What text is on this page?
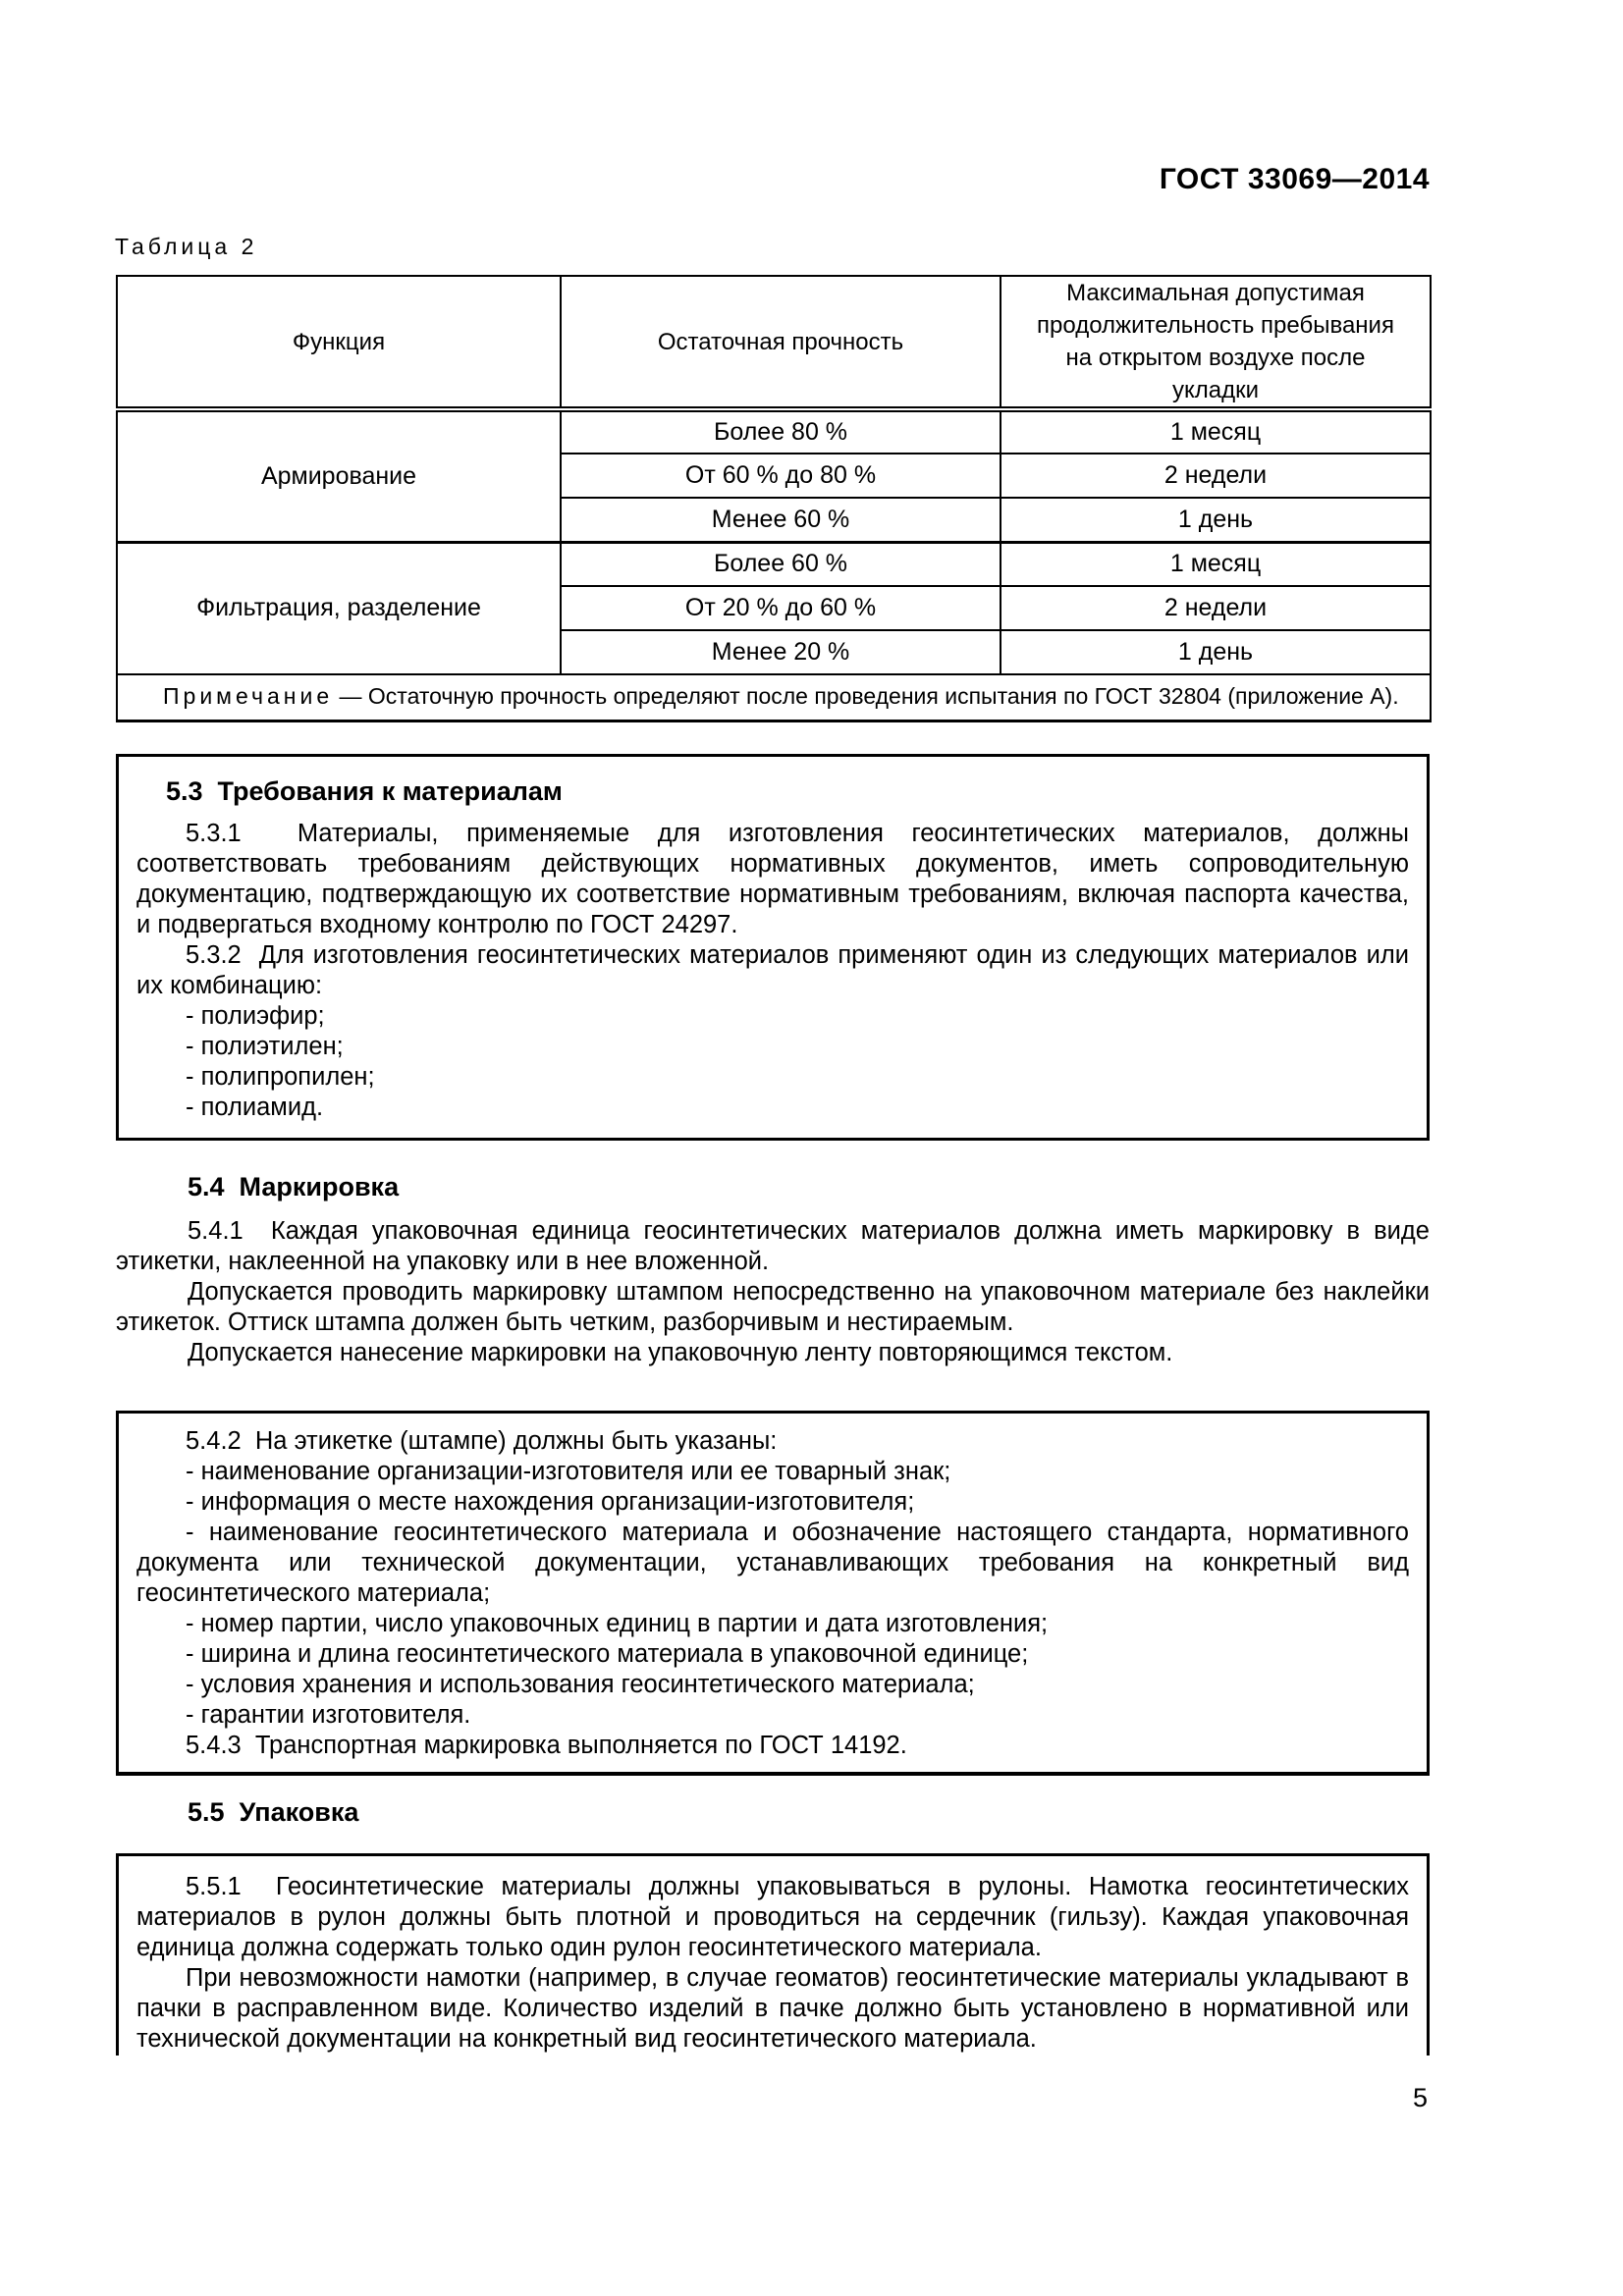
ГОСТ 33069—2014
Таблица 2
Функция	Остаточная прочность	Максимальная допустимая продолжительность пребывания на открытом воздухе после укладки
Армирование	Более 80 %	1 месяц
	От 60 % до 80 %	2 недели
	Менее 60 %	1 день
Фильтрация, разделение	Более 60 %	1 месяц
	От 20 % до 60 %	2 недели
	Менее 20 %	1 день
Примечание — Остаточную прочность определяют после проведения испытания по ГОСТ 32804 (приложение А).		

5.3  Требования к материалам

5.3.1  Материалы, применяемые для изготовления геосинтетических материалов, должны соответствовать требованиям действующих нормативных документов, иметь сопроводительную документацию, подтверждающую их соответствие нормативным требованиям, включая паспорта качества, и подвергаться входному контролю по ГОСТ 24297.

5.3.2  Для изготовления геосинтетических материалов применяют один из следующих материалов или их комбинацию:

- полиэфир;

- полиэтилен;

- полипропилен;

- полиамид.

5.4  Маркировка

5.4.1  Каждая упаковочная единица геосинтетических материалов должна иметь маркировку в виде этикетки, наклеенной на упаковку или в нее вложенной.

Допускается проводить маркировку штампом непосредственно на упаковочном материале без наклейки этикеток. Оттиск штампа должен быть четким, разборчивым и нестираемым.

Допускается нанесение маркировки на упаковочную ленту повторяющимся текстом.

5.4.2  На этикетке (штампе) должны быть указаны:

- наименование организации-изготовителя или ее товарный знак;

- информация о месте нахождения организации-изготовителя;

- наименование геосинтетического материала и обозначение настоящего стандарта, нормативного документа или технической документации, устанавливающих требования на конкретный вид геосинтетического материала;

- номер партии, число упаковочных единиц в партии и дата изготовления;

- ширина и длина геосинтетического материала в упаковочной единице;

- условия хранения и использования геосинтетического материала;

- гарантии изготовителя.

5.4.3  Транспортная маркировка выполняется по ГОСТ 14192.

5.5  Упаковка

5.5.1  Геосинтетические материалы должны упаковываться в рулоны. Намотка геосинтетических материалов в рулон должны быть плотной и проводиться на сердечник (гильзу). Каждая упаковочная единица должна содержать только один рулон геосинтетического материала.

При невозможности намотки (например, в случае геоматов) геосинтетические материалы укладывают в пачки в расправленном виде. Количество изделий в пачке должно быть установлено в нормативной или технической документации на конкретный вид геосинтетического материала.

5
